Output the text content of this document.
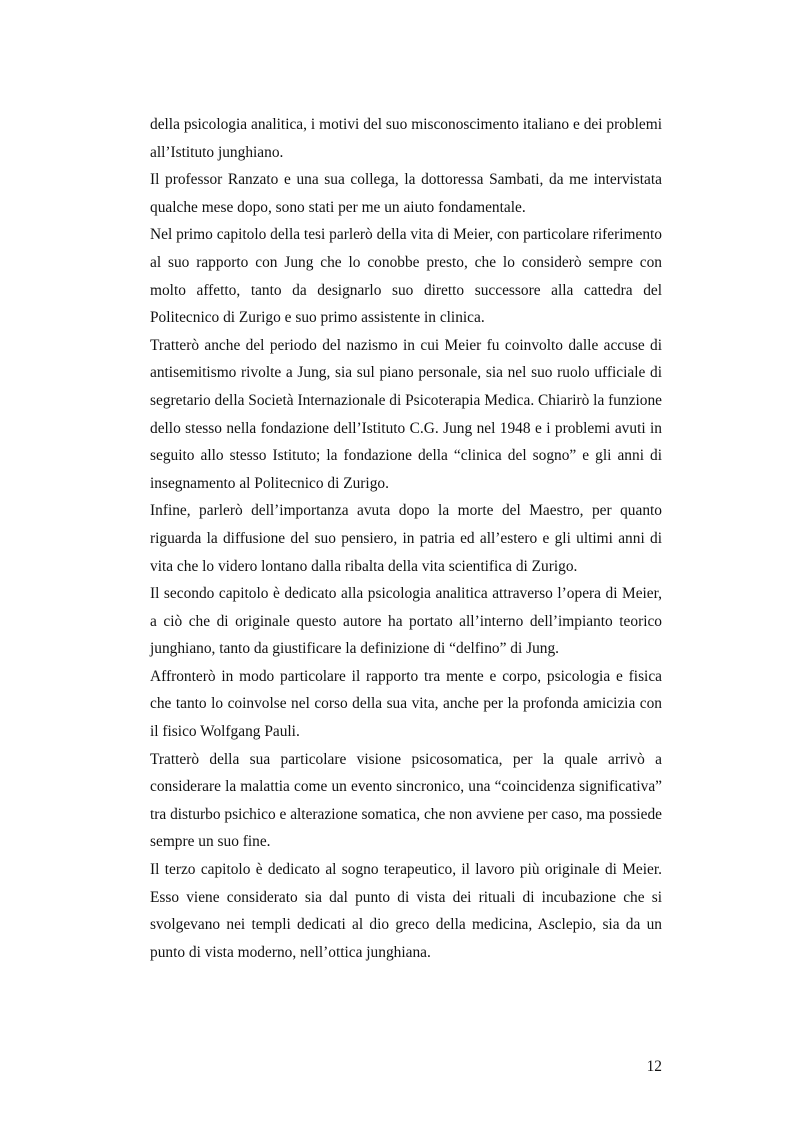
della psicologia analitica, i motivi del suo misconoscimento italiano e dei problemi all’Istituto junghiano.

Il professor Ranzato e una sua collega, la dottoressa Sambati, da me intervistata qualche mese dopo, sono stati per me un aiuto fondamentale.

Nel primo capitolo della tesi parlerò della vita di Meier, con particolare riferimento al suo rapporto con Jung che lo conobbe presto, che lo considerò sempre con molto affetto, tanto da designarlo suo diretto successore alla cattedra del Politecnico di Zurigo e suo primo assistente in clinica.

Tratterò anche del periodo del nazismo in cui Meier fu coinvolto dalle accuse di antisemitismo rivolte a Jung, sia sul piano personale, sia nel suo ruolo ufficiale di segretario della Società Internazionale di Psicoterapia Medica. Chiarirò la funzione dello stesso nella fondazione dell’Istituto C.G. Jung nel 1948 e i problemi avuti in seguito allo stesso Istituto; la fondazione della “clinica del sogno” e gli anni di insegnamento al Politecnico di Zurigo.

Infine, parlerò dell’importanza avuta dopo la morte del Maestro, per quanto riguarda la diffusione del suo pensiero, in patria ed all’estero e gli ultimi anni di vita che lo videro lontano dalla ribalta della vita scientifica di Zurigo.

Il secondo capitolo è dedicato alla psicologia analitica attraverso l’opera di Meier, a ciò che di originale questo autore ha portato all’interno dell’impianto teorico junghiano, tanto da giustificare la definizione di “delfino” di Jung.

Affronterò in modo particolare il rapporto tra mente e corpo, psicologia e fisica che tanto lo coinvolse nel corso della sua vita, anche per la profonda amicizia con il fisico Wolfgang Pauli.

Tratterò della sua particolare visione psicosomatica, per la quale arrivò a considerare la malattia come un evento sincronico, una “coincidenza significativa” tra disturbo psichico e alterazione somatica, che non avviene per caso, ma possiede sempre un suo fine.

Il terzo capitolo è dedicato al sogno terapeutico, il lavoro più originale di Meier. Esso viene considerato sia dal punto di vista dei rituali di incubazione che si svolgevano nei templi dedicati al dio greco della medicina, Asclepio, sia da un punto di vista moderno, nell’ottica junghiana.

12
